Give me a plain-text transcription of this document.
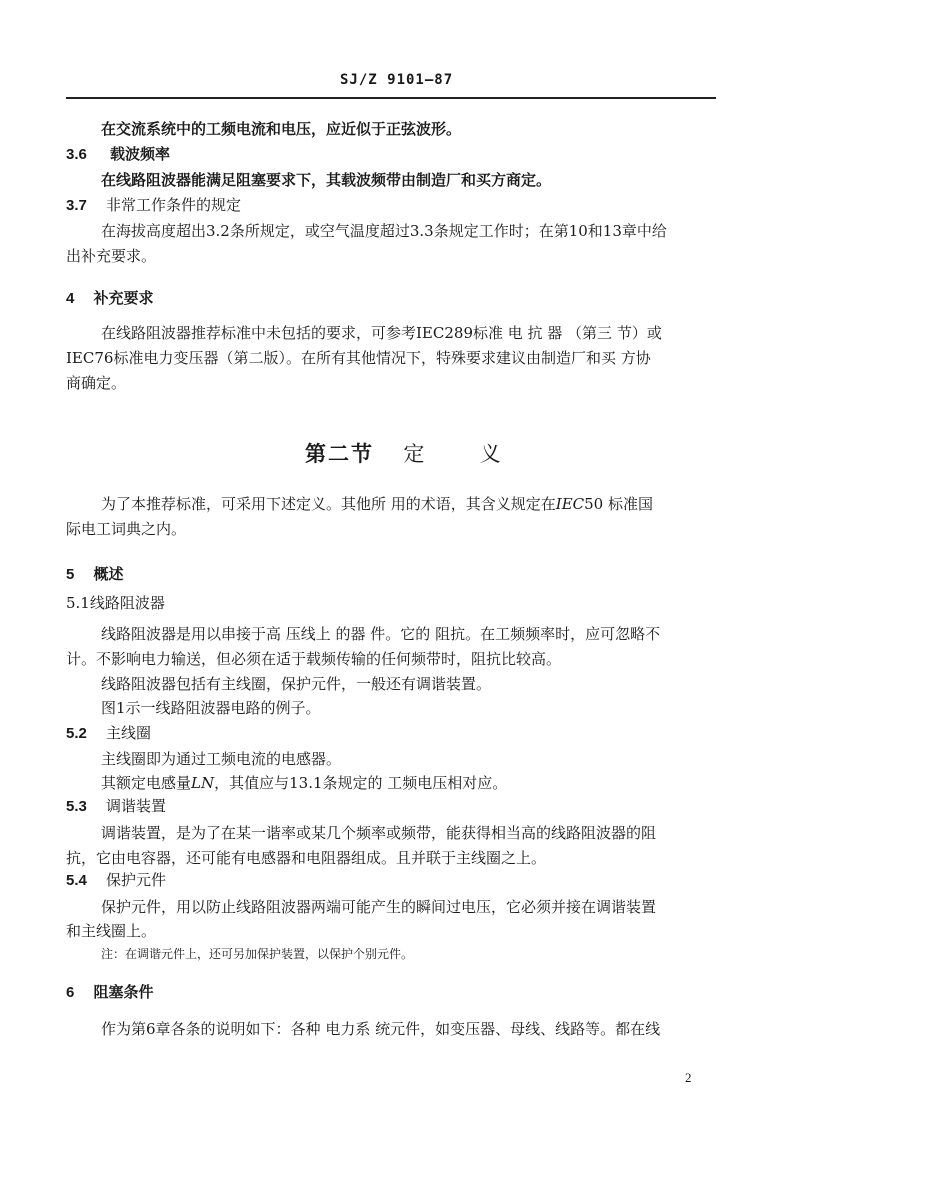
SJ/Z 9101—87
在交流系统中的工频电流和电压，应近似于正弦波形。
3.6 载波频率
在线路阻波器能满足阻塞要求下，其载波频带由制造厂和买方商定。
3.7 非常工作条件的规定
在海拔高度超出3.2条所规定，或空气温度超过3.3条规定工作时；在第10和13章中给
出补充要求。
4 补充要求
在线路阻波器推荐标准中未包括的要求，可参考IEC289标准 电 抗 器 （第三 节）或
IEC76标准电力变压器（第二版）。在所有其他情况下，特殊要求建议由制造厂和买 方协
商确定。
第二节 定	义
为了本推荐标准，可采用下述定义。其他所 用的术语，其含义规定在IEC50 标准国
际电工词典之内。
5 概述
5.1线路阻波器
线路阻波器是用以串接于高 压线上 的器 件。它的 阻抗。在工频频率时，应可忽略不
计。不影响电力输送，但必须在适于载频传输的任何频带时，阻抗比较高。
线路阻波器包括有主线圈，保护元件，一般还有调谐装置。
图1示一线路阻波器电路的例子。
5.2 主线圈
主线圈即为通过工频电流的电感器。
其额定电感量LN，其值应与13.1条规定的 工频电压相对应。
5.3 调谐装置
调谐装置，是为了在某一谐率或某几个频率或频带，能获得相当高的线路阻波器的阻
抗，它由电容器，还可能有电感器和电阻器组成。且并联于主线圈之上。
5.4 保护元件
保护元件，用以防止线路阻波器两端可能产生的瞬间过电压，它必须并接在调谐装置
和主线圈上。
注：在调谐元件上，还可另加保护装置，以保护个别元件。
6 阻塞条件
作为第6章各条的说明如下：各种 电力系 统元件，如变压器、母线、线路等。都在线
2
